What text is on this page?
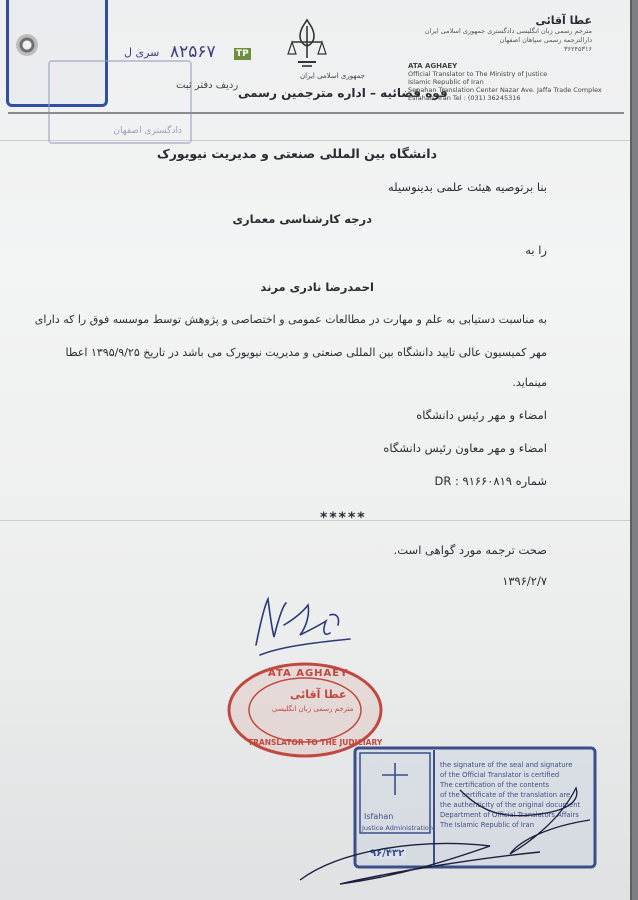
دادگستری اصفهان
سری ل ۸۲۵۶۷ TP
ردیف دفتر ثبت
جمهوری اسلامی ایران
قوه قضائیه – اداره مترجمین رسمی
عطا آقائی
مترجم رسمی زبان انگلیسی دادگستری جمهوری اسلامی ایران
دارالترجمه رسمی سپاهان اصفهان
۳۶۲۴۵۳۱۶
ATA AGHAEY
Official Translator to The Ministry of Justice
Islamic Republic of Iran
Sepahan Translation Center Nazar Ave. Jaffa Trade Complex
Esfahan, Iran Tel : (031) 36245316
دانشگاه بین المللی صنعتی و مدیریت نیویورک
بنا برتوصیه هیئت علمی بدینوسیله
درجه کارشناسی معماری
را به
احمدرضا نادری مرند
به مناسبت دستیابی به علم و مهارت در مطالعات عمومی و اختصاصی و پژوهش توسط موسسه فوق را که دارای
مهر کمیسیون عالی تایید دانشگاه بین المللی صنعتی و مدیریت نیویورک می باشد در تاریخ ۱۳۹۵/۹/۲۵ اعطا
مینماید.
امضاء و مهر رئیس دانشگاه
امضاء و مهر معاون رئیس دانشگاه
شماره ۹۱۶۶۰۸۱۹ : DR
*****
صحت ترجمه مورد گواهی است.
۱۳۹۶/۲/۷
ATA AGHAEY
عطا آقائی
مترجم رسمی زبان انگلیسی
TRANSLATOR TO THE JUDICIARY
Isfahan
Justice Administration
۹۶/۴۳۲
the signature of the seal and signature
of the Official Translator is certified
The certification of the contents
of the certificate of the translation are
the authenticity of the original document
Department of Official Translators Affairs
The Islamic Republic of Iran
